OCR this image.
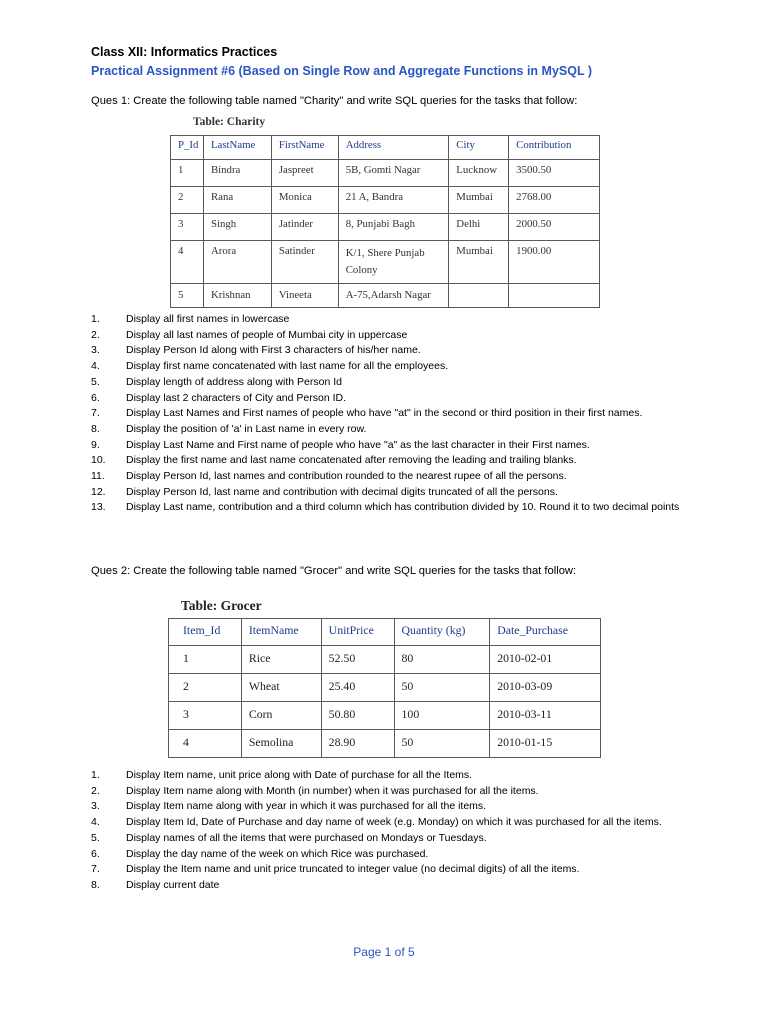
Class XII: Informatics Practices
Practical Assignment #6 (Based on Single Row and Aggregate Functions in MySQL )
Ques 1: Create the following table named "Charity" and write SQL queries for the tasks that follow:
Table: Charity
P_Id	LastName	FirstName	Address	City	Contribution
1	Bindra	Jaspreet	5B, Gomti Nagar	Lucknow	3500.50
2	Rana	Monica	21 A, Bandra	Mumbai	2768.00
3	Singh	Jatinder	8, Punjabi Bagh	Delhi	2000.50
4	Arora	Satinder	K/1, Shere Punjab Colony	Mumbai	1900.00
5	Krishnan	Vineeta	A-75,Adarsh Nagar		
1. Display all first names in lowercase
2. Display all last names of people of Mumbai city in uppercase
3. Display Person Id along with First 3 characters of his/her name.
4. Display first name concatenated with last name for all the employees.
5. Display length of address along with Person Id
6. Display last 2 characters of City and Person ID.
7. Display Last Names and First names of people who have "at" in the second or third position in their first names.
8. Display the position of 'a' in Last name in every row.
9. Display Last Name and First name of people who have "a" as the last character in their First names.
10. Display the first name and last name concatenated after removing the leading and trailing blanks.
11. Display Person Id, last names and contribution rounded to the nearest rupee of all the persons.
12. Display Person Id, last name and contribution with decimal digits truncated of all the persons.
13. Display Last name, contribution and a third column which has contribution divided by 10. Round it to two decimal points
Ques 2: Create the following table named "Grocer" and write SQL queries for the tasks that follow:
Table: Grocer
Item_Id	ItemName	UnitPrice	Quantity (kg)	Date_Purchase
1	Rice	52.50	80	2010-02-01
2	Wheat	25.40	50	2010-03-09
3	Corn	50.80	100	2010-03-11
4	Semolina	28.90	50	2010-01-15
1. Display Item name, unit price along with Date of purchase for all the Items.
2. Display Item name along with Month (in number) when it was purchased for all the items.
3. Display Item name along with year in which it was purchased for all the items.
4. Display Item Id, Date of Purchase and day name of week (e.g. Monday) on which it was purchased for all the items.
5. Display names of all the items that were purchased on Mondays or Tuesdays.
6. Display the day name of the week on which Rice was purchased.
7. Display the Item name and unit price truncated to integer value (no decimal digits) of all the items.
8. Display current date
Page 1 of 5
